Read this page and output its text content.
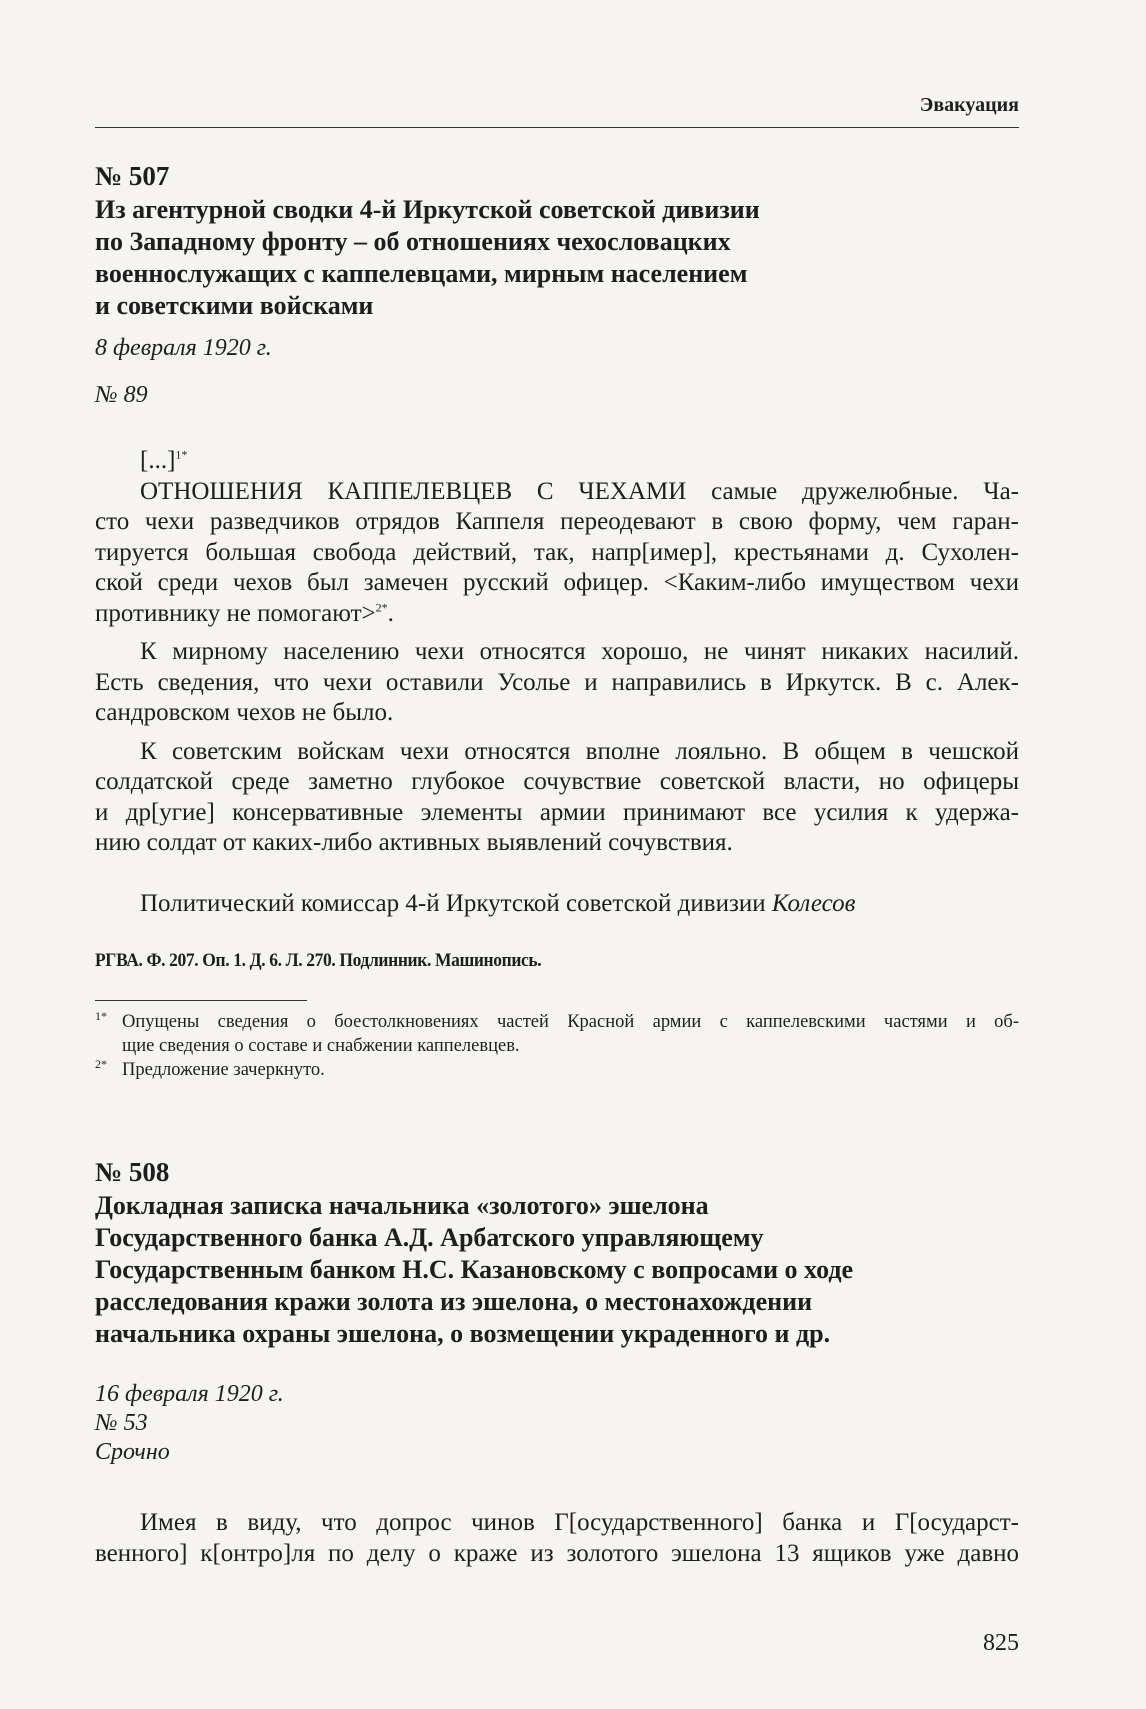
Эвакуация
№ 507
Из агентурной сводки 4-й Иркутской советской дивизии
по Западному фронту – об отношениях чехословацких
военнослужащих с каппелевцами, мирным населением
и советскими войсками
8 февраля 1920 г.
№ 89
[...]$^{1*}$
ОТНОШЕНИЯ КАППЕЛЕВЦЕВ С ЧЕХАМИ самые дружелюбные. Ча-
сто чехи разведчиков отрядов Каппеля переодевают в свою форму, чем гаран-
тируется большая свобода действий, так, напр[имер], крестьянами д. Сухолен-
ской среди чехов был замечен русский офицер. <Каким-либо имуществом чехи
противнику не помогают>$^{2*}$.
К мирному населению чехи относятся хорошо, не чинят никаких насилий.
Есть сведения, что чехи оставили Усолье и направились в Иркутск. В с. Алек-
сандровском чехов не было.
К советским войскам чехи относятся вполне лояльно. В общем в чешской
солдатской среде заметно глубокое сочувствие советской власти, но офицеры
и др[угие] консервативные элементы армии принимают все усилия к удержа-
нию солдат от каких-либо активных выявлений сочувствия.
Политический комиссар 4-й Иркутской советской дивизии Колесов
РГВА. Ф. 207. Оп. 1. Д. 6. Л. 270. Подлинник. Машинопись.
$^{1*}$ Опущены сведения о боестолкновениях частей Красной армии с каппелевскими частями и об-
щие сведения о составе и снабжении каппелевцев.
$^{2*}$ Предложение зачеркнуто.
№ 508
Докладная записка начальника «золотого» эшелона
Государственного банка А.Д. Арбатского управляющему
Государственным банком Н.С. Казановскому с вопросами о ходе
расследования кражи золота из эшелона, о местонахождении
начальника охраны эшелона, о возмещении украденного и др.
16 февраля 1920 г.
№ 53
Срочно
Имея в виду, что допрос чинов Г[осударственного] банка и Г[осударст-
венного] к[онтро]ля по делу о краже из золотого эшелона 13 ящиков уже давно
825
